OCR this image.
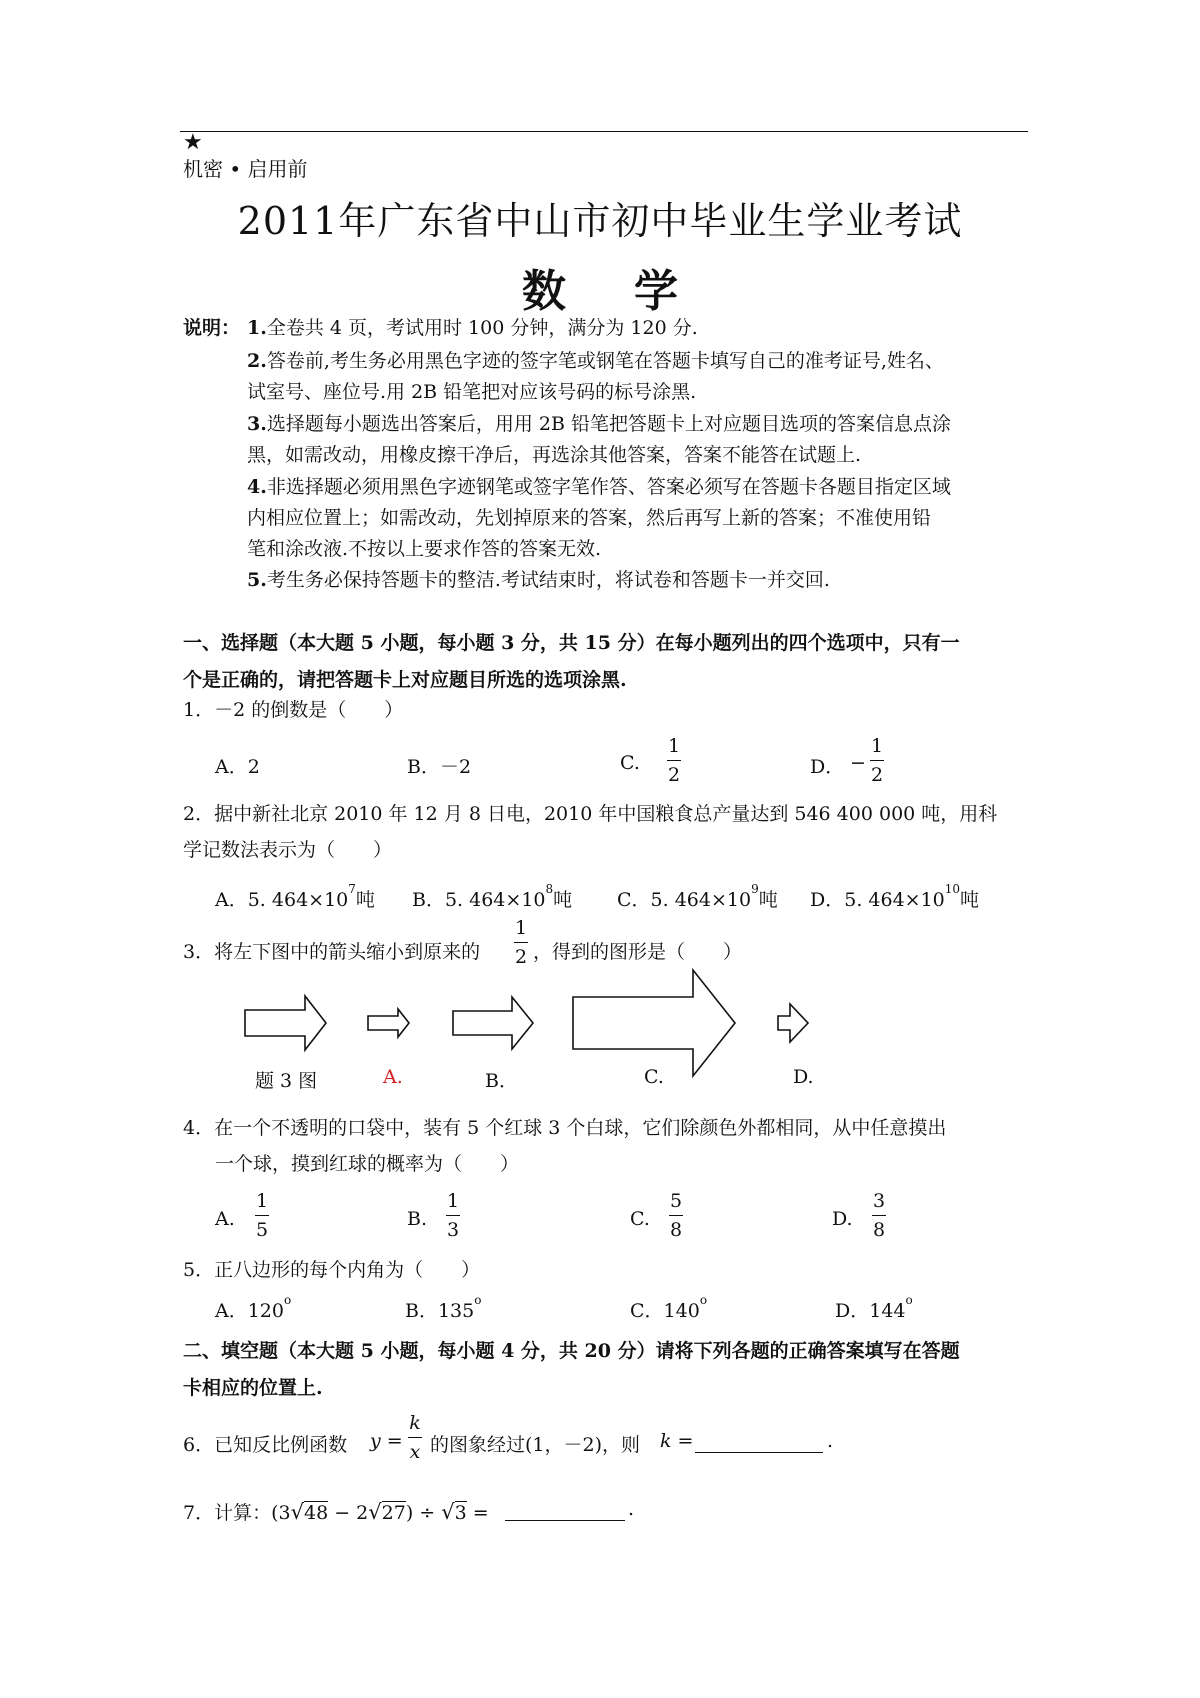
★
机密 • 启用前
2011年广东省中山市初中毕业生学业考试
数学
说明： 1.全卷共 4 页，考试用时 100 分钟，满分为 120 分.
2.答卷前,考生务必用黑色字迹的签字笔或钢笔在答题卡填写自己的准考证号,姓名、
试室号、座位号.用 2B 铅笔把对应该号码的标号涂黑.
3.选择题每小题选出答案后，用用 2B 铅笔把答题卡上对应题目选项的答案信息点涂
黑，如需改动，用橡皮擦干净后，再选涂其他答案，答案不能答在试题上.
4.非选择题必须用黑色字迹钢笔或签字笔作答、答案必须写在答题卡各题目指定区域
内相应位置上；如需改动，先划掉原来的答案，然后再写上新的答案；不准使用铅
笔和涂改液.不按以上要求作答的答案无效.
5.考生务必保持答题卡的整洁.考试结束时，将试卷和答题卡一并交回.
一、选择题（本大题 5 小题，每小题 3 分，共 15 分）在每小题列出的四个选项中，只有一
个是正确的，请把答题卡上对应题目所选的选项涂黑.
1．－2 的倒数是（　　）
A．2	B．－2	C.
1
2	D． −
1
2
2．据中新社北京 2010 年 12 月 8 日电，2010 年中国粮食总产量达到 546 400 000 吨，用科
学记数法表示为（　　）
A．5. $464\times 10^7$吨 B．5. $464\times 10^8$吨 C．5. $464\times 10^9$吨 D．5. $464\times 10^{10}$吨
3．将左下图中的箭头缩小到原来的
1
2 ，得到的图形是（　　）
题 3 图	A.	B．	C.	D.
4．在一个不透明的口袋中，装有 5 个红球 3 个白球，它们除颜色外都相同，从中任意摸出
一个球，摸到红球的概率为（　　）
A.
1
5	B.
1
3	C.
5
8	D.
3
8
5．正八边形的每个内角为（　　）
A．120$^o$	B．135$^o$	C．140$^o$	D．144$^o$
二、填空题（本大题 5 小题，每小题 4 分，共 20 分）请将下列各题的正确答案填写在答题
卡相应的位置上.
6．已知反比例函数 y =
k
x 的图象经过(1，－2)，则 k =	.
7．计算：(3 √ 48 − 2 √ 27 ) ÷ √ 3 =	.
